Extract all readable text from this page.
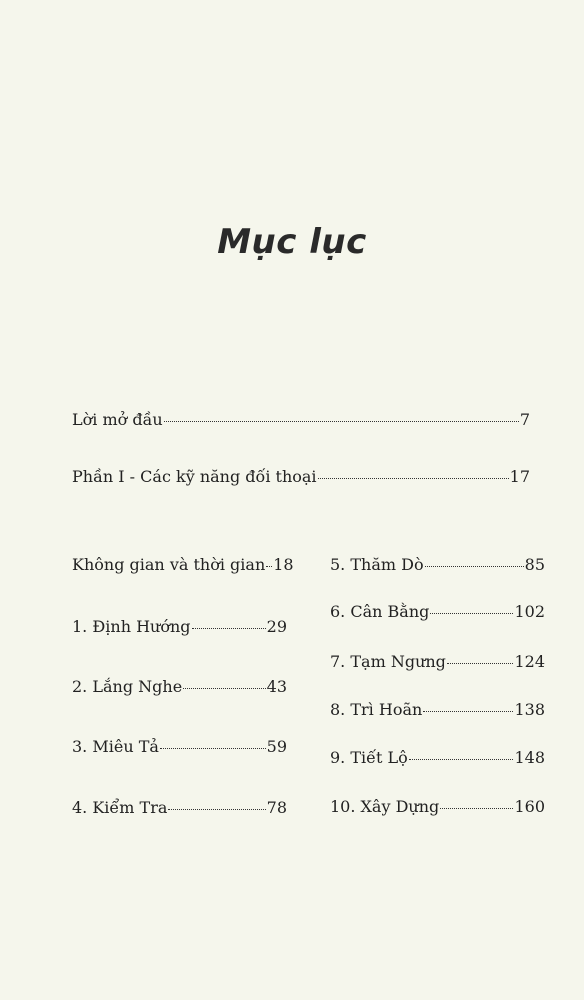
Mục lục
Lời mở đầu	7
Phần I - Các kỹ năng đối thoại	17
Không gian và thời gian 18
1. Định Hướng	29
2. Lắng Nghe	43
3. Miêu Tả	59
4. Kiểm Tra	78
5. Thăm Dò	85
6. Cân Bằng	102
7. Tạm Ngưng	124
8. Trì Hoãn	138
9. Tiết Lộ	148
10. Xây Dựng	160
